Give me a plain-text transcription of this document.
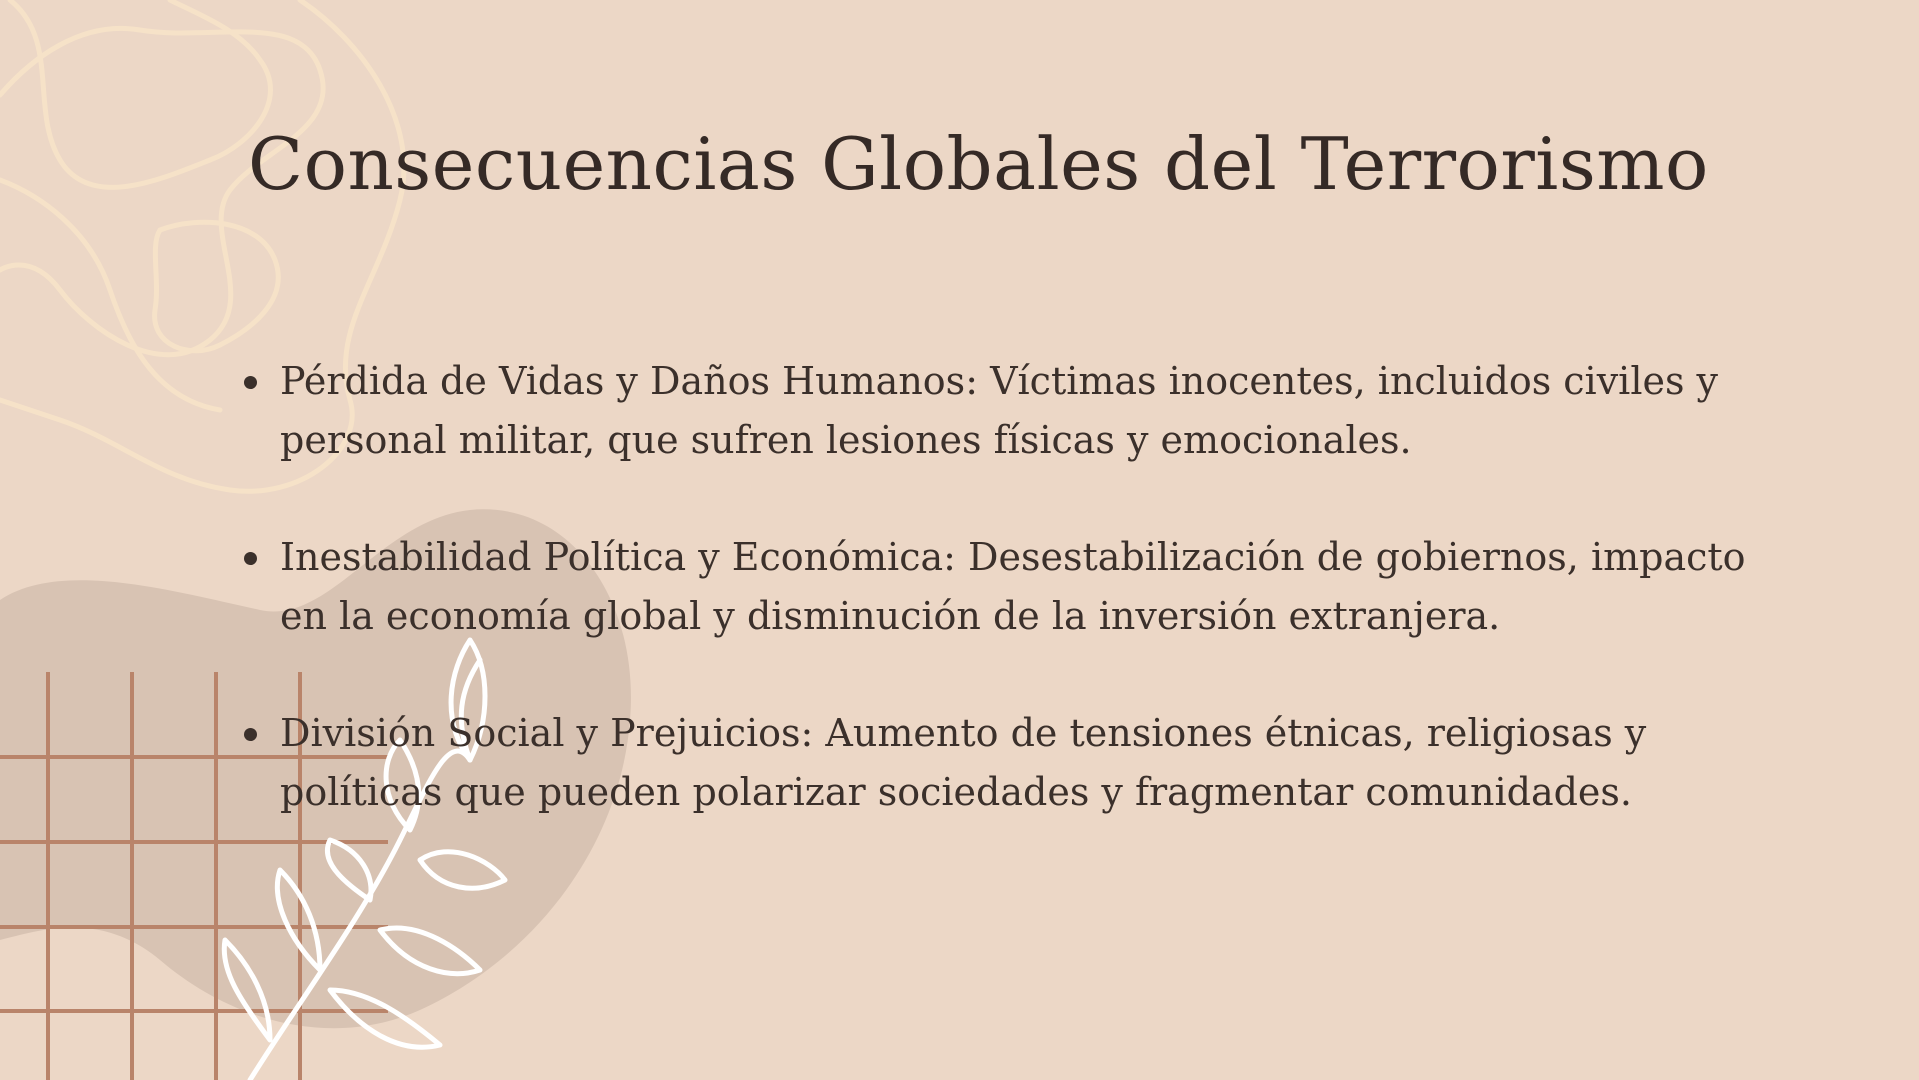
Consecuencias Globales del Terrorismo
Pérdida de Vidas y Daños Humanos: Víctimas inocentes, incluidos civiles y personal militar, que sufren lesiones físicas y emocionales.
Inestabilidad Política y Económica: Desestabilización de gobiernos, impacto en la economía global y disminución de la inversión extranjera.
División Social y Prejuicios: Aumento de tensiones étnicas, religiosas y políticas que pueden polarizar sociedades y fragmentar comunidades.
